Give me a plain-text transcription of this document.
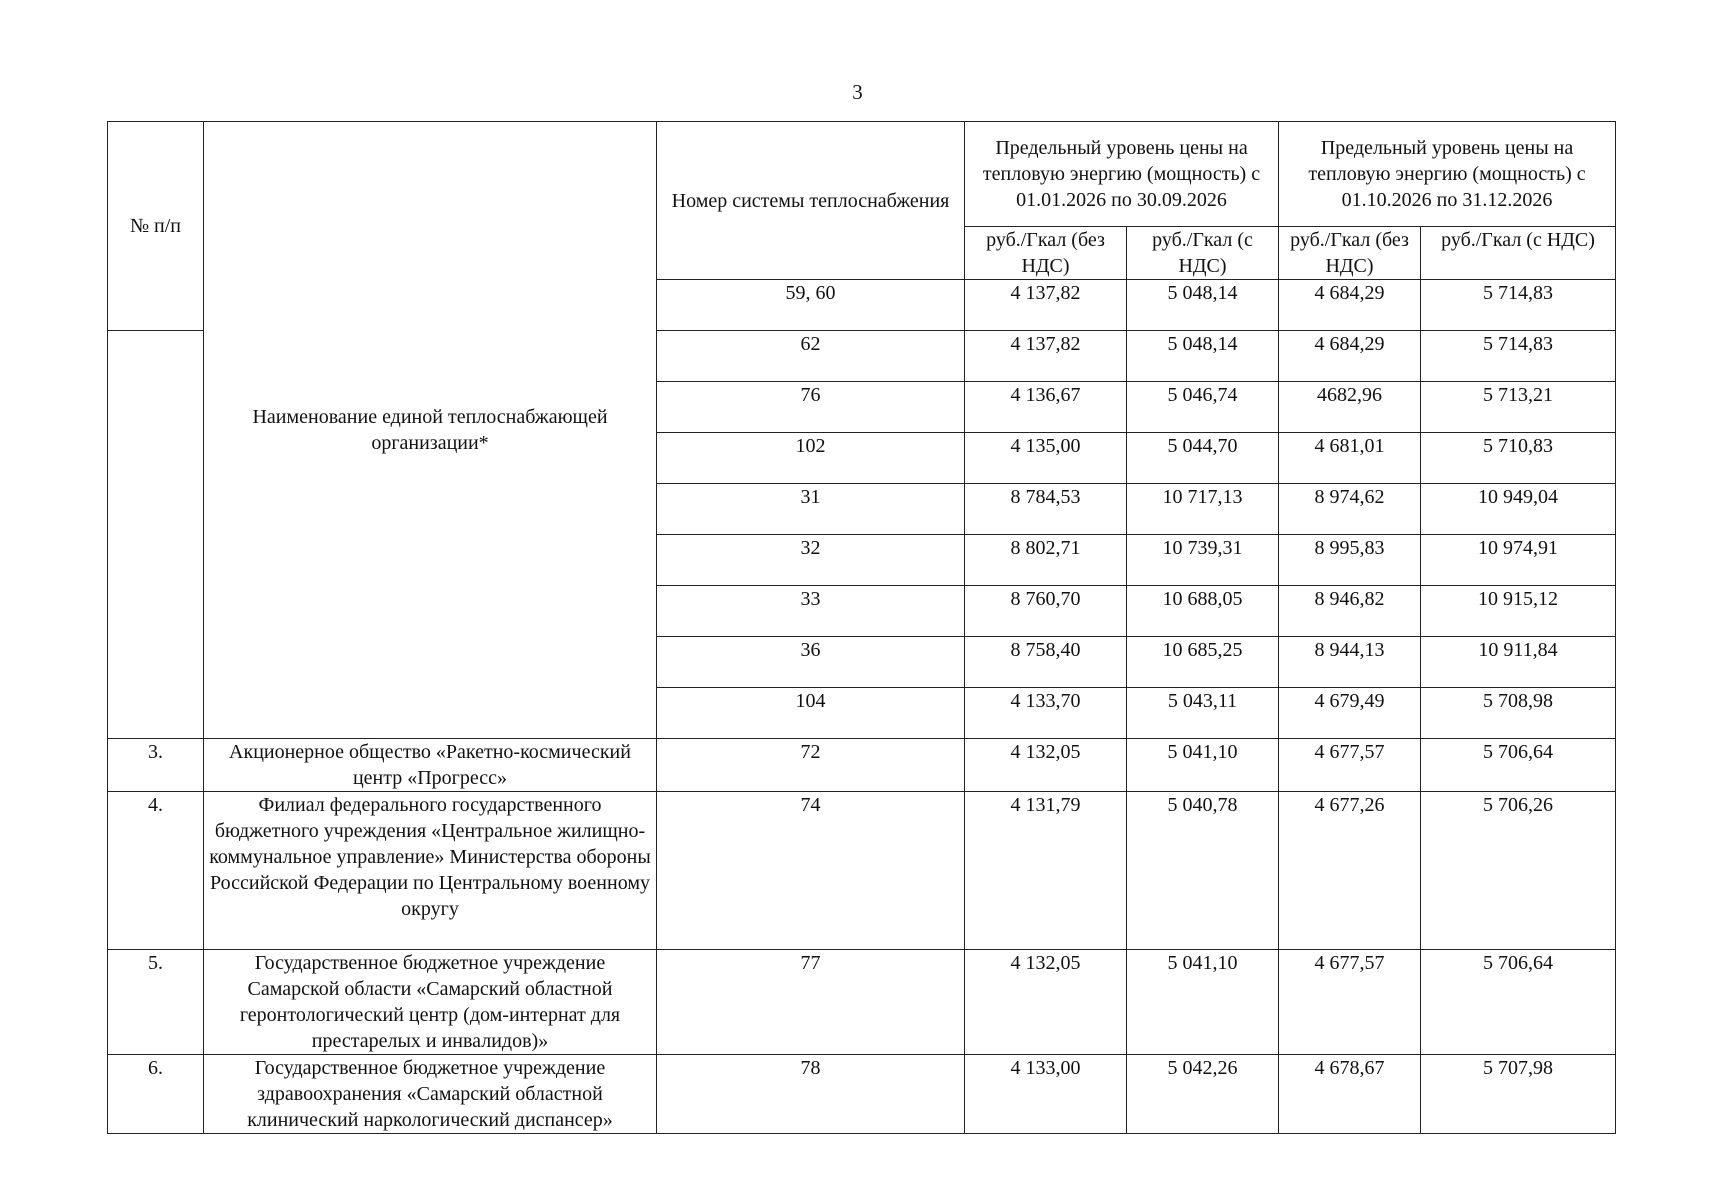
3
№ п/п	Наименование единой теплоснабжающей организации*	Номер системы теплоснабжения	Предельный уровень цены на тепловую энергию (мощность) с 01.01.2026 по 30.09.2026		Предельный уровень цены на тепловую энергию (мощность) с 01.10.2026 по 31.12.2026	
			руб./Гкал (без НДС)	руб./Гкал (с НДС)	руб./Гкал (без НДС)	руб./Гкал (с НДС)
		59, 60	4 137,82	5 048,14	4 684,29	5 714,83
		62	4 137,82	5 048,14	4 684,29	5 714,83
		76	4 136,67	5 046,74	4682,96	5 713,21
		102	4 135,00	5 044,70	4 681,01	5 710,83
		31	8 784,53	10 717,13	8 974,62	10 949,04
		32	8 802,71	10 739,31	8 995,83	10 974,91
		33	8 760,70	10 688,05	8 946,82	10 915,12
		36	8 758,40	10 685,25	8 944,13	10 911,84
		104	4 133,70	5 043,11	4 679,49	5 708,98
3.	Акционерное общество «Ракетно-космический центр «Прогресс»	72	4 132,05	5 041,10	4 677,57	5 706,64
4.	Филиал федерального государственного бюджетного учреждения «Центральное жилищно-коммунальное управление» Министерства обороны Российской Федерации по Центральному военному округу	74	4 131,79	5 040,78	4 677,26	5 706,26
5.	Государственное бюджетное учреждение Самарской области «Самарский областной геронтологический центр (дом-интернат для престарелых и инвалидов)»	77	4 132,05	5 041,10	4 677,57	5 706,64
6.	Государственное бюджетное учреждение здравоохранения «Самарский областной клинический наркологический диспансер»	78	4 133,00	5 042,26	4 678,67	5 707,98
